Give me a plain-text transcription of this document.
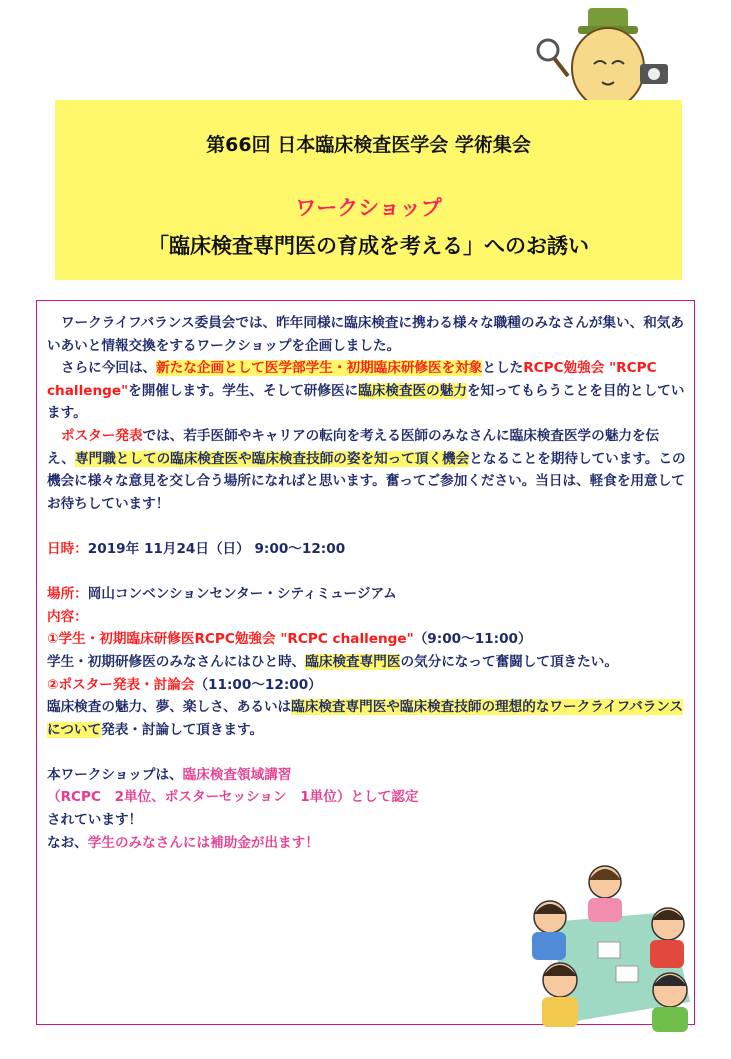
第66回 日本臨床検査医学会 学術集会
ワークショップ
「臨床検査専門医の育成を考える」へのお誘い

ワークライフバランス委員会では、昨年同様に臨床検査に携わる様々な職種のみなさんが集い、和気あいあいと情報交換をするワークショップを企画しました。

さらに今回は、新たな企画として医学部学生・初期臨床研修医を対象としたRCPC勉強会 "RCPC challenge"を開催します。学生、そして研修医に臨床検査医の魅力を知ってもらうことを目的としています。

ポスター発表では、若手医師やキャリアの転向を考える医師のみなさんに臨床検査医学の魅力を伝え、専門職としての臨床検査医や臨床検査技師の姿を知って頂く機会となることを期待しています。この機会に様々な意見を交し合う場所になればと思います。奮ってご参加ください。当日は、軽食を用意してお待ちしています！

日時：2019年 11月24日（日） 9:00～12:00

場所：岡山コンベンションセンター・シティミュージアム

内容：

①学生・初期臨床研修医RCPC勉強会 "RCPC challenge"（9:00～11:00）

学生・初期研修医のみなさんにはひと時、臨床検査専門医の気分になって奮闘して頂きたい。

②ポスター発表・討論会（11:00～12:00）

臨床検査の魅力、夢、楽しさ、あるいは臨床検査専門医や臨床検査技師の理想的なワークライフバランスについて発表・討論して頂きます。

本ワークショップは、臨床検査領域講習

（RCPC　2単位、ポスターセッション　1単位）として認定

されています！

なお、学生のみなさんには補助金が出ます！
